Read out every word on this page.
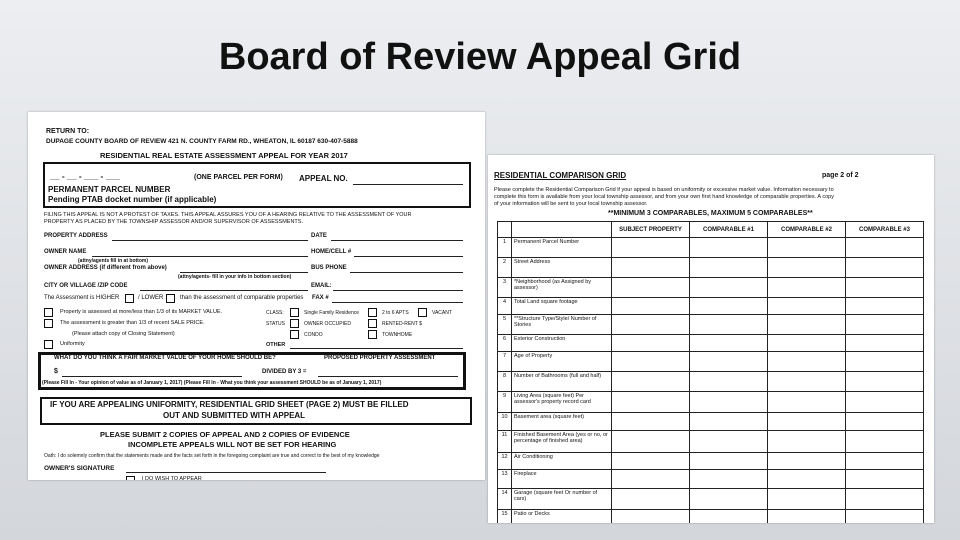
Board of Review Appeal Grid
RETURN TO:
DUPAGE COUNTY BOARD OF REVIEW 421 N. COUNTY FARM RD., WHEATON, IL 60187 630-407-5888
RESIDENTIAL REAL ESTATE ASSESSMENT APPEAL FOR YEAR 2017
__ - __ - ___ - ___	(ONE PARCEL PER FORM) APPEAL NO.
PERMANENT PARCEL NUMBER
Pending PTAB docket number (if applicable)
FILING THIS APPEAL IS NOT A PROTEST OF TAXES. THIS APPEAL ASSURES YOU OF A HEARING RELATIVE TO THE ASSESSMENT OF YOUR
PROPERTY AS PLACED BY THE TOWNSHIP ASSESSOR AND/OR SUPERVISOR OF ASSESSMENTS.
PROPERTY ADDRESS	DATE
OWNER NAME	HOME/CELL #
(attny/agents fill in at bottom)
OWNER ADDRESS (if different from above)	BUS PHONE
(attny/agents- fill in your info in bottom section)
CITY OR VILLAGE /ZIP CODE	EMAIL:
The Assessment is HIGHER	/ LOWER	than the assessment of comparable properties FAX #
Property is assessed at more/less than 1/3 of its MARKET VALUE.
The assessment is greater than 1/3 of recent SALE PRICE.
(Please attach copy of Closing Statement)
Uniformity
CLASS:	Single Family Residence	2 to 6 APTS	VACANT
STATUS	OWNER OCCUPIED	RENTED-RENT $
CONDO	TOWNHOME
OTHER
WHAT DO YOU THINK A FAIR MARKET VALUE OF YOUR HOME SHOULD BE?	PROPOSED PROPERTY ASSESSMENT
$	DIVIDED BY 3 =
(Please Fill In - Your opinion of value as of January 1, 2017) (Please Fill In - What you think your assessment SHOULD be as of January 1, 2017)
IF YOU ARE APPEALING UNIFORMITY, RESIDENTIAL GRID SHEET (PAGE 2) MUST BE FILLED
OUT AND SUBMITTED WITH APPEAL
PLEASE SUBMIT 2 COPIES OF APPEAL AND 2 COPIES OF EVIDENCE
INCOMPLETE APPEALS WILL NOT BE SET FOR HEARING
Oath: I do solemnly confirm that the statements made and the facts set forth in the foregoing complaint are true and correct to the best of my knowledge
OWNER'S SIGNATURE
I DO WISH TO APPEAR
RESIDENTIAL COMPARISON GRID	page 2 of 2
Please complete the Residential Comparison Grid if your appeal is based on uniformity or excessive market value. Information necessary to
complete this form is available from your local township assessor, and from your own first hand knowledge of comparable properties. A copy
of your information will be sent to your local township assessor.
**MINIMUM 3 COMPARABLES, MAXIMUM 5 COMPARABLES**
		SUBJECT PROPERTY	COMPARABLE #1	COMPARABLE #2	COMPARABLE #3
1	Permanent Parcel Number				
2	Street Address				
3	*Neighborhood (as Assigned by assessor)				
4	Total Land square footage				
5	**Structure Type/Style/ Number of Stories				
6	Exterior Construction				
7	Age of Property				
8	Number of Bathrooms (full and half)				
9	Living Area (square feet) Per assessor's property record card				
10	Basement area (square feet)				
11	Finished Basement Area (yes or no, or percentage of finished area)				
12	Air Conditioning				
13	Fireplace				
14	Garage (square feet Or number of cars)				
15	Patio or Decks				
